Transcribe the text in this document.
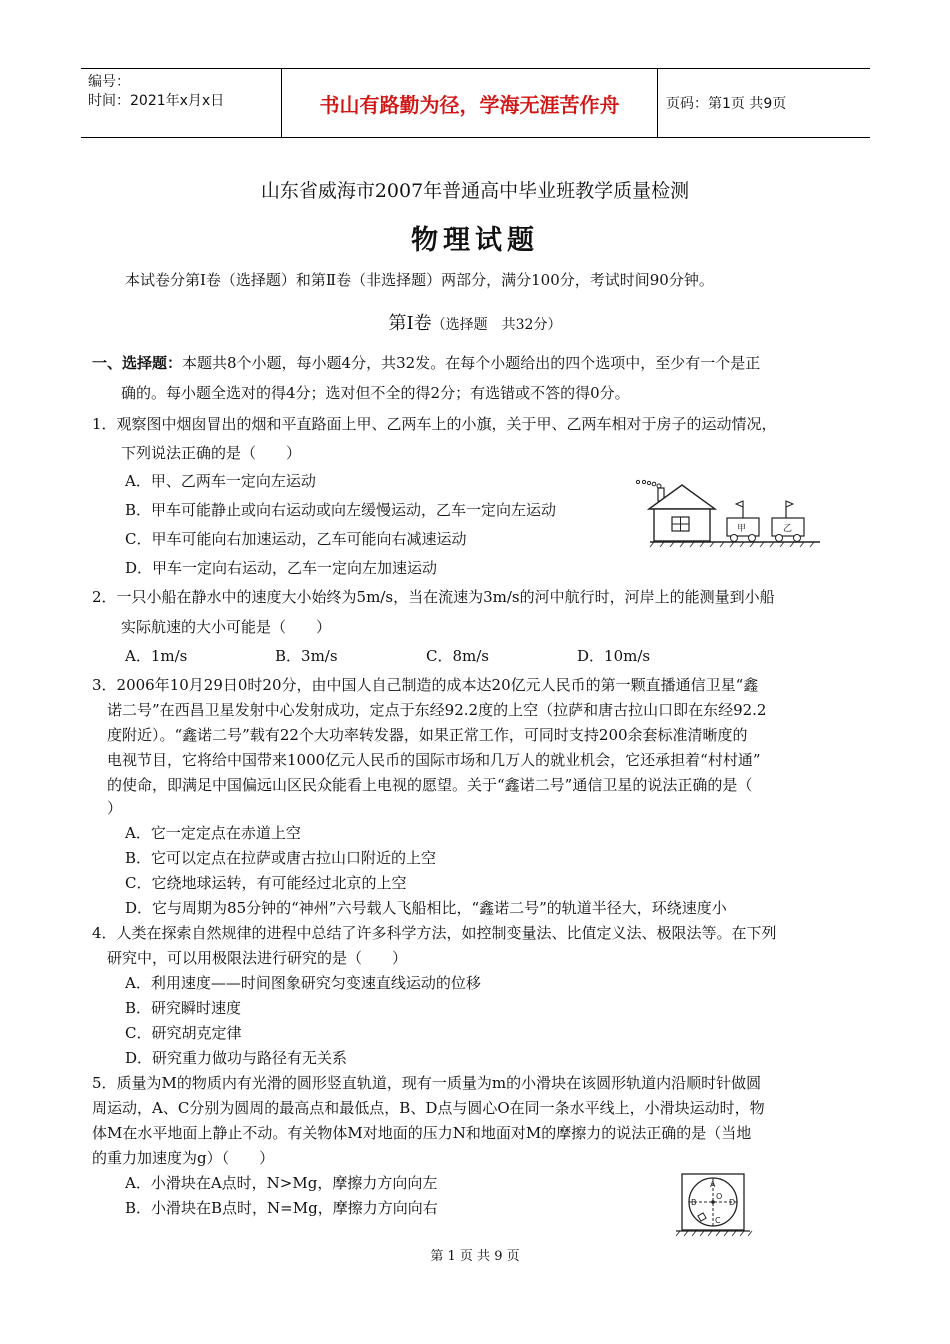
编号：
时间：2021年x月x日	书山有路勤为径，学海无涯苦作舟	页码：第1页 共9页
山东省威海市2007年普通高中毕业班教学质量检测
物理试题
本试卷分第Ⅰ卷（选择题）和第Ⅱ卷（非选择题）两部分，满分100分，考试时间90分钟。
第Ⅰ卷（选择题　共32分）
一、选择题：本题共8个小题，每小题4分，共32发。在每个小题给出的四个选项中，至少有一个是正
确的。每小题全选对的得4分；选对但不全的得2分；有选错或不答的得0分。
1．观察图中烟囱冒出的烟和平直路面上甲、乙两车上的小旗，关于甲、乙两车相对于房子的运动情况，
下列说法正确的是（　　）
A．甲、乙两车一定向左运动
B．甲车可能静止或向右运动或向左缓慢运动，乙车一定向左运动
C．甲车可能向右加速运动，乙车可能向右减速运动
D．甲车一定向右运动，乙车一定向左加速运动
甲	乙
2．一只小船在静水中的速度大小始终为5m/s，当在流速为3m/s的河中航行时，河岸上的能测量到小船
实际航速的大小可能是（　　）
A．1m/s	B．3m/s	C．8m/s	D．10m/s
3．2006年10月29日0时20分，由中国人自己制造的成本达20亿元人民币的第一颗直播通信卫星“鑫
诺二号”在西昌卫星发射中心发射成功，定点于东经92.2度的上空（拉萨和唐古拉山口即在东经92.2
度附近）。“鑫诺二号”载有22个大功率转发器，如果正常工作，可同时支持200余套标准清晰度的
电视节目，它将给中国带来1000亿元人民币的国际市场和几万人的就业机会，它还承担着“村村通”
的使命，即满足中国偏远山区民众能看上电视的愿望。关于“鑫诺二号”通信卫星的说法正确的是（
）
A．它一定定点在赤道上空
B．它可以定点在拉萨或唐古拉山口附近的上空
C．它绕地球运转，有可能经过北京的上空
D．它与周期为85分钟的“神州”六号载人飞船相比，“鑫诺二号”的轨道半径大，环绕速度小
4．人类在探索自然规律的进程中总结了许多科学方法，如控制变量法、比值定义法、极限法等。在下列
研究中，可以用极限法进行研究的是（　　）
A．利用速度——时间图象研究匀变速直线运动的位移
B．研究瞬时速度
C．研究胡克定律
D．研究重力做功与路径有无关系
5．质量为M的物质内有光滑的圆形竖直轨道，现有一质量为m的小滑块在该圆形轨道内沿顺时针做圆
周运动，A、C分别为圆周的最高点和最低点，B、D点与圆心O在同一条水平线上，小滑块运动时，物
体M在水平地面上静止不动。有关物体M对地面的压力N和地面对M的摩擦力的说法正确的是（当地
的重力加速度为g）（　　）
A．小滑块在A点时，N>Mg，摩擦力方向向左
B．小滑块在B点时，N=Mg，摩擦力方向向右
A
B	D
O
C
第 1 页 共 9 页
